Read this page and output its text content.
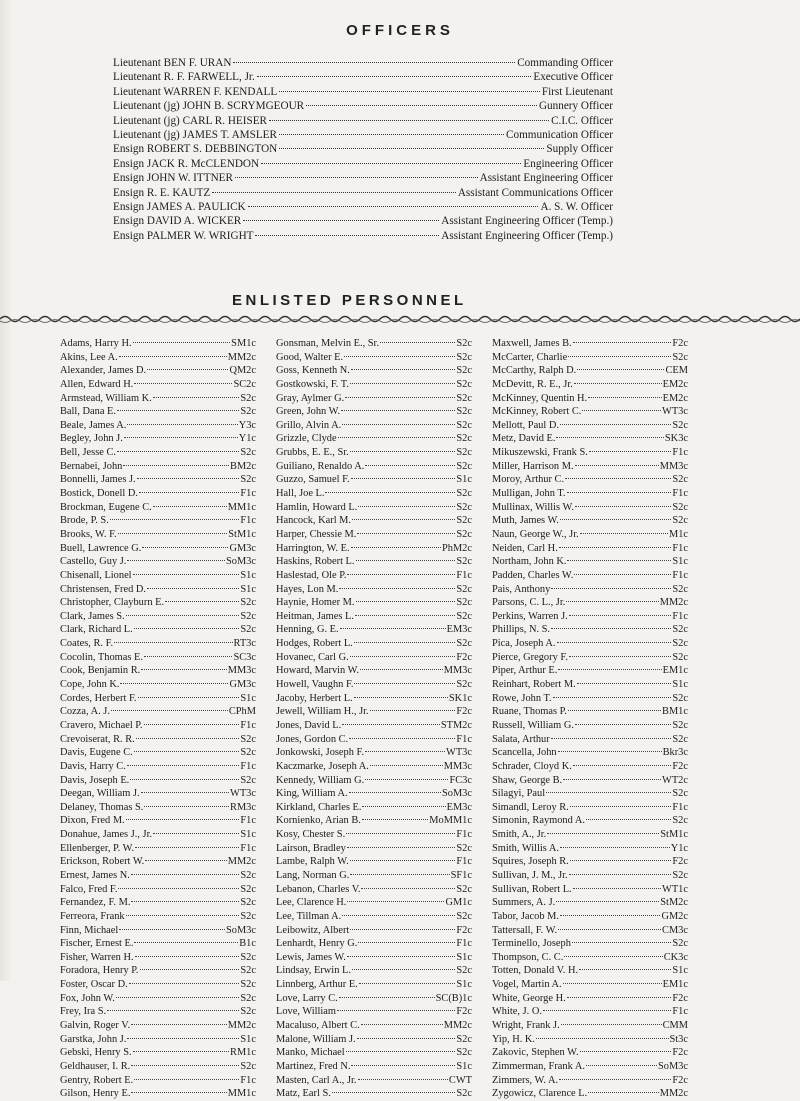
OFFICERS
Lieutenant BEN F. URAN	Commanding Officer
Lieutenant R. F. FARWELL, Jr.	Executive Officer
Lieutenant WARREN F. KENDALL	First Lieutenant
Lieutenant (jg) JOHN B. SCRYMGEOUR	Gunnery Officer
Lieutenant (jg) CARL R. HEISER	C.I.C. Officer
Lieutenant (jg) JAMES T. AMSLER	Communication Officer
Ensign ROBERT S. DEBBINGTON	Supply Officer
Ensign JACK R. McCLENDON	Engineering Officer
Ensign JOHN W. ITTNER	Assistant Engineering Officer
Ensign R. E. KAUTZ	Assistant Communications Officer
Ensign JAMES A. PAULICK	A. S. W. Officer
Ensign DAVID A. WICKER	Assistant Engineering Officer (Temp.)
Ensign PALMER W. WRIGHT	Assistant Engineering Officer (Temp.)
ENLISTED PERSONNEL
Adams, Harry H.	SM1c
Akins, Lee A.	MM2c
Alexander, James D.	QM2c
Allen, Edward H.	SC2c
Armstead, William K.	S2c
Ball, Dana E.	S2c
Beale, James A.	Y3c
Begley, John J.	Y1c
Bell, Jesse C.	S2c
Bernabei, John	BM2c
Bonnelli, James J.	S2c
Bostick, Donell D.	F1c
Brockman, Eugene C.	MM1c
Brode, P. S.	F1c
Brooks, W. F.	StM1c
Buell, Lawrence G.	GM3c
Castello, Guy J.	SoM3c
Chisenall, Lionel	S1c
Christensen, Fred D.	S1c
Christopher, Clayburn E.	S2c
Clark, James S.	S2c
Clark, Richard L.	S2c
Coates, R. F.	RT3c
Cocolin, Thomas E.	SC3c
Cook, Benjamin R.	MM3c
Cope, John K.	GM3c
Cordes, Herbert F.	S1c
Cozza, A. J.	CPhM
Cravero, Michael P.	F1c
Crevoiserat, R. R.	S2c
Davis, Eugene C.	S2c
Davis, Harry C.	F1c
Davis, Joseph E.	S2c
Deegan, William J.	WT3c
Delaney, Thomas S.	RM3c
Dixon, Fred M.	F1c
Donahue, James J., Jr.	S1c
Ellenberger, P. W.	F1c
Erickson, Robert W.	MM2c
Ernest, James N.	S2c
Falco, Fred F.	S2c
Fernandez, F. M.	S2c
Ferreora, Frank	S2c
Finn, Michael	SoM3c
Fischer, Ernest E.	B1c
Fisher, Warren H.	S2c
Foradora, Henry P.	S2c
Foster, Oscar D.	S2c
Fox, John W.	S2c
Frey, Ira S.	S2c
Galvin, Roger V.	MM2c
Garstka, John J.	S1c
Gebski, Henry S.	RM1c
Geldhauser, I. R.	S2c
Gentry, Robert E.	F1c
Gilson, Henry E.	MM1c
Gonsman, Melvin E., Sr.	S2c
Good, Walter E.	S2c
Goss, Kenneth N.	S2c
Gostkowski, F. T.	S2c
Gray, Aylmer G.	S2c
Green, John W.	S2c
Grillo, Alvin A.	S2c
Grizzle, Clyde	S2c
Grubbs, E. E., Sr.	S2c
Guiliano, Renaldo A.	S2c
Guzzo, Samuel F.	S1c
Hall, Joe L.	S2c
Hamlin, Howard L.	S2c
Hancock, Karl M.	S2c
Harper, Chessie M.	S2c
Harrington, W. E.	PhM2c
Haskins, Robert L.	S2c
Haslestad, Ole P.	F1c
Hayes, Lon M.	S2c
Haynie, Homer M.	S2c
Heitman, James L.	S2c
Henning, G. E.	EM3c
Hodges, Robert L.	S2c
Hovanec, Carl G.	F2c
Howard, Marvin W.	MM3c
Howell, Vaughn F.	S2c
Jacoby, Herbert L.	SK1c
Jewell, William H., Jr.	F2c
Jones, David L.	STM2c
Jones, Gordon C.	F1c
Jonkowski, Joseph F.	WT3c
Kaczmarke, Joseph A.	MM3c
Kennedy, William G.	FC3c
King, William A.	SoM3c
Kirkland, Charles E.	EM3c
Kornienko, Arian B.	MoMM1c
Kosy, Chester S.	F1c
Lairson, Bradley	S2c
Lambe, Ralph W.	F1c
Lang, Norman G.	SF1c
Lebanon, Charles V.	S2c
Lee, Clarence H.	GM1c
Lee, Tillman A.	S2c
Leibowitz, Albert	F2c
Lenhardt, Henry G.	F1c
Lewis, James W.	S1c
Lindsay, Erwin L.	S2c
Linnberg, Arthur E.	S1c
Love, Larry C.	SC(B)1c
Love, William	F2c
Macaluso, Albert C.	MM2c
Malone, William J.	S2c
Manko, Michael	S2c
Martinez, Fred N.	S1c
Masten, Carl A., Jr.	CWT
Matz, Earl S.	S2c
Maxwell, James B.	F2c
McCarter, Charlie	S2c
McCarthy, Ralph D.	CEM
McDevitt, R. E., Jr.	EM2c
McKinney, Quentin H.	EM2c
McKinney, Robert C.	WT3c
Mellott, Paul D.	S2c
Metz, David E.	SK3c
Mikuszewski, Frank S.	F1c
Miller, Harrison M.	MM3c
Moroy, Arthur C.	S2c
Mulligan, John T.	F1c
Mullinax, Willis W.	S2c
Muth, James W.	S2c
Naun, George W., Jr.	M1c
Neiden, Carl H.	F1c
Northam, John K.	S1c
Padden, Charles W.	F1c
Pais, Anthony	S2c
Parsons, C. L., Jr.	MM2c
Perkins, Warren J.	F1c
Phillips, N. S.	S2c
Pica, Joseph A.	S2c
Pierce, Gregory F.	S2c
Piper, Arthur E.	EM1c
Reinhart, Robert M.	S1c
Rowe, John T.	S2c
Ruane, Thomas P.	BM1c
Russell, William G.	S2c
Salata, Arthur	S2c
Scancella, John	Bkr3c
Schrader, Cloyd K.	F2c
Shaw, George B.	WT2c
Silagyi, Paul	S2c
Simandl, Leroy R.	F1c
Simonin, Raymond A.	S2c
Smith, A., Jr.	StM1c
Smith, Willis A.	Y1c
Squires, Joseph R.	F2c
Sullivan, J. M., Jr.	S2c
Sullivan, Robert L.	WT1c
Summers, A. J.	StM2c
Tabor, Jacob M.	GM2c
Tattersall, F. W.	CM3c
Terminello, Joseph	S2c
Thompson, C. C.	CK3c
Totten, Donald V. H.	S1c
Vogel, Martin A.	EM1c
White, George H.	F2c
White, J. O.	F1c
Wright, Frank J.	CMM
Yip, H. K.	St3c
Zakovic, Stephen W.	F2c
Zimmerman, Frank A.	SoM3c
Zimmers, W. A.	F2c
Zygowicz, Clarence L.	MM2c
